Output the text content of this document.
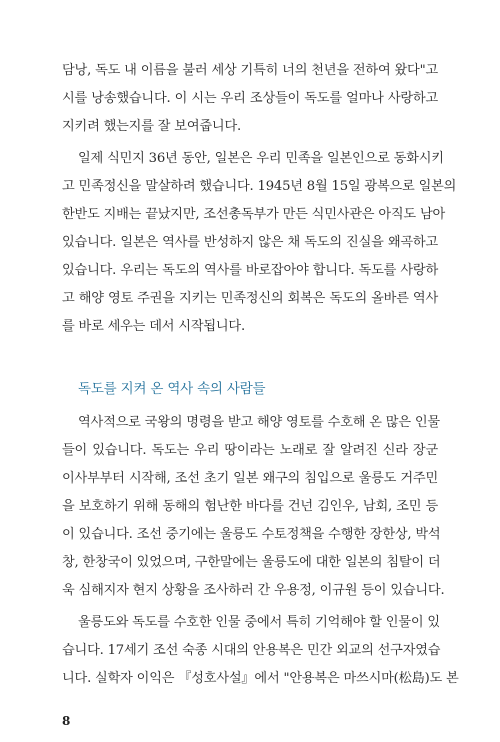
담낭, 독도 내 이름을 불러 세상 기특히 너의 천년을 전하여 왔다"고
시를 낭송했습니다. 이 시는 우리 조상들이 독도를 얼마나 사랑하고
지키려 했는지를 잘 보여줍니다.
일제 식민지 36년 동안, 일본은 우리 민족을 일본인으로 동화시키
고 민족정신을 말살하려 했습니다. 1945년 8월 15일 광복으로 일본의
한반도 지배는 끝났지만, 조선총독부가 만든 식민사관은 아직도 남아
있습니다. 일본은 역사를 반성하지 않은 채 독도의 진실을 왜곡하고
있습니다. 우리는 독도의 역사를 바로잡아야 합니다. 독도를 사랑하
고 해양 영토 주권을 지키는 민족정신의 회복은 독도의 올바른 역사
를 바로 세우는 데서 시작됩니다.
독도를 지켜 온 역사 속의 사람들
역사적으로 국왕의 명령을 받고 해양 영토를 수호해 온 많은 인물
들이 있습니다. 독도는 우리 땅이라는 노래로 잘 알려진 신라 장군
이사부부터 시작해, 조선 초기 일본 왜구의 침입으로 울릉도 거주민
을 보호하기 위해 동해의 험난한 바다를 건넌 김인우, 남회, 조민 등
이 있습니다. 조선 중기에는 울릉도 수토정책을 수행한 장한상, 박석
창, 한창국이 있었으며, 구한말에는 울릉도에 대한 일본의 침탈이 더
욱 심해지자 현지 상황을 조사하러 간 우용정, 이규원 등이 있습니다.
울릉도와 독도를 수호한 인물 중에서 특히 기억해야 할 인물이 있
습니다. 17세기 조선 숙종 시대의 안용복은 민간 외교의 선구자였습
니다. 실학자 이익은 『성호사설』에서 "안용복은 마쓰시마(松島)도 본
8
